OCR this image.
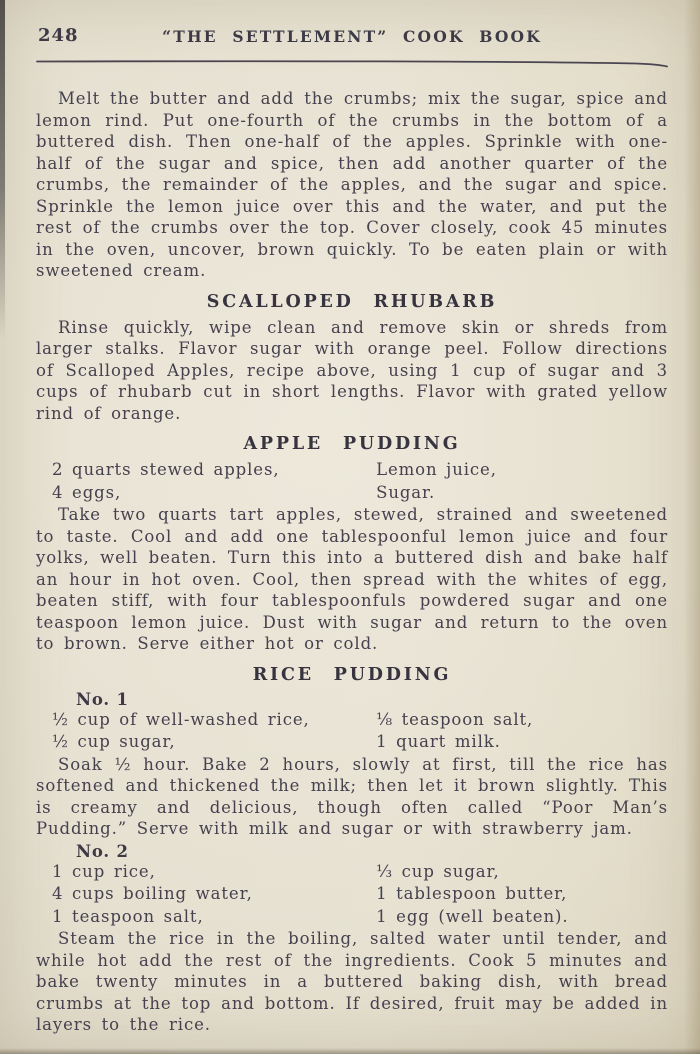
248	“THE SETTLEMENT” COOK BOOK

Melt the butter and add the crumbs; mix the sugar, spice and lemon rind. Put one-fourth of the crumbs in the bottom of a buttered dish. Then one-half of the apples. Sprinkle with one-half of the sugar and spice, then add another quarter of the crumbs, the remainder of the apples, and the sugar and spice. Sprinkle the lemon juice over this and the water, and put the rest of the crumbs over the top. Cover closely, cook 45 minutes in the oven, uncover, brown quickly. To be eaten plain or with sweetened cream.

SCALLOPED RHUBARB

Rinse quickly, wipe clean and remove skin or shreds from larger stalks. Flavor sugar with orange peel. Follow directions of Scalloped Apples, recipe above, using 1 cup of sugar and 3 cups of rhubarb cut in short lengths. Flavor with grated yellow rind of orange.

APPLE PUDDING
2 quarts stewed apples,	Lemon juice,
4 eggs,	Sugar.

Take two quarts tart apples, stewed, strained and sweetened to taste. Cool and add one tablespoonful lemon juice and four yolks, well beaten. Turn this into a buttered dish and bake half an hour in hot oven. Cool, then spread with the whites of egg, beaten stiff, with four tablespoonfuls powdered sugar and one teaspoon lemon juice. Dust with sugar and return to the oven to brown. Serve either hot or cold.

RICE PUDDING
No. 1
½ cup of well-washed rice,	⅛ teaspoon salt,
½ cup sugar,	1 quart milk.

Soak ½ hour. Bake 2 hours, slowly at first, till the rice has softened and thickened the milk; then let it brown slightly. This is creamy and delicious, though often called “Poor Man’s Pudding.” Serve with milk and sugar or with strawberry jam.

No. 2
1 cup rice,	⅓ cup sugar,
4 cups boiling water,	1 tablespoon butter,
1 teaspoon salt,	1 egg (well beaten).

Steam the rice in the boiling, salted water until tender, and while hot add the rest of the ingredients. Cook 5 minutes and bake twenty minutes in a buttered baking dish, with bread crumbs at the top and bottom. If desired, fruit may be added in layers to the rice.
